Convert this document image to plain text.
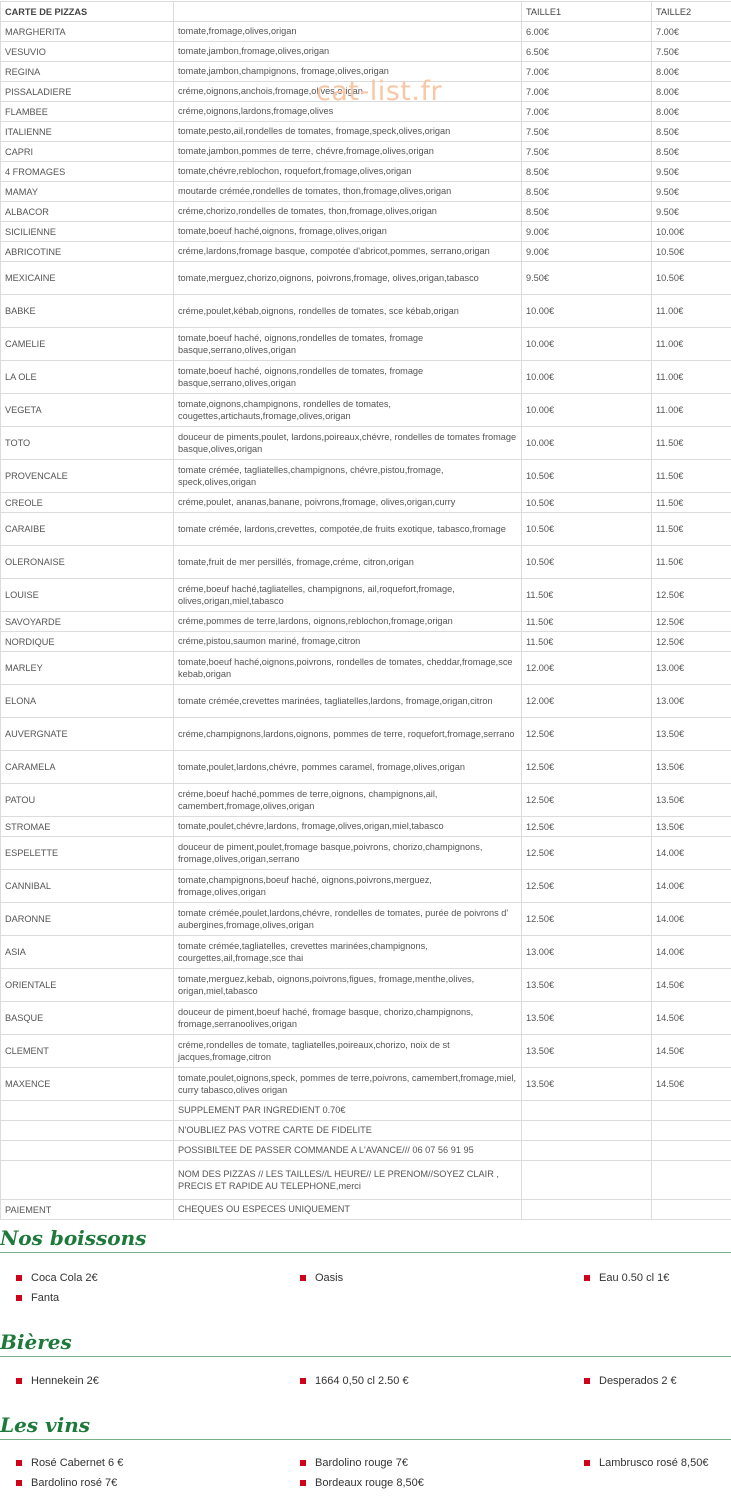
CARTE DE PIZZAS		TAILLE1	TAILLE2
MARGHERITA	tomate,fromage,olives,origan	6.00€	7.00€
VESUVIO	tomate,jambon,fromage,olives,origan	6.50€	7.50€
REGINA	tomate,jambon,champignons, fromage,olives,origan	7.00€	8.00€
PISSALADIERE	créme,oignons,anchois,fromage,olives,origan	7.00€	8.00€
FLAMBEE	créme,oignons,lardons,fromage,olives	7.00€	8.00€
ITALIENNE	tomate,pesto,ail,rondelles de tomates, fromage,speck,olives,origan	7.50€	8.50€
CAPRI	tomate,jambon,pommes de terre, chévre,fromage,olives,origan	7.50€	8.50€
4 FROMAGES	tomate,chévre,reblochon, roquefort,fromage,olives,origan	8.50€	9.50€
MAMAY	moutarde crémée,rondelles de tomates, thon,fromage,olives,origan	8.50€	9.50€
ALBACOR	créme,chorizo,rondelles de tomates, thon,fromage,olives,origan	8.50€	9.50€
SICILIENNE	tomate,boeuf haché,oignons, fromage,olives,origan	9.00€	10.00€
ABRICOTINE	créme,lardons,fromage basque, compotée d'abricot,pommes, serrano,origan	9.00€	10.50€
MEXICAINE	tomate,merguez,chorizo,oignons, poivrons,fromage, olives,origan,tabasco	9.50€	10.50€
BABKE	créme,poulet,kébab,oignons, rondelles de tomates, sce kébab,origan	10.00€	11.00€
CAMELIE	tomate,boeuf haché, oignons,rondelles de tomates, fromage basque,serrano,olives,origan	10.00€	11.00€
LA OLE	tomate,boeuf haché, oignons,rondelles de tomates, fromage basque,serrano,olives,origan	10.00€	11.00€
VEGETA	tomate,oignons,champignons, rondelles de tomates, cougettes,artichauts,fromage,olives,origan	10.00€	11.00€
TOTO	douceur de piments,poulet, lardons,poireaux,chévre, rondelles de tomates fromage basque,olives,origan	10.00€	11.50€
PROVENCALE	tomate crémée, tagliatelles,champignons, chévre,pistou,fromage, speck,olives,origan	10.50€	11.50€
CREOLE	créme,poulet, ananas,banane, poivrons,fromage, olives,origan,curry	10.50€	11.50€
CARAIBE	tomate crémée, lardons,crevettes, compotée,de fruits exotique, tabasco,fromage	10.50€	11.50€
OLERONAISE	tomate,fruit de mer persillés, fromage,créme, citron,origan	10.50€	11.50€
LOUISE	créme,boeuf haché,tagliatelles, champignons, ail,roquefort,fromage, olives,origan,miel,tabasco	11.50€	12.50€
SAVOYARDE	créme,pommes de terre,lardons, oignons,reblochon,fromage,origan	11.50€	12.50€
NORDIQUE	créme,pistou,saumon mariné, fromage,citron	11.50€	12.50€
MARLEY	tomate,boeuf haché,oignons,poivrons, rondelles de tomates, cheddar,fromage,sce kebab,origan	12.00€	13.00€
ELONA	tomate crémée,crevettes marinées, tagliatelles,lardons, fromage,origan,citron	12.00€	13.00€
AUVERGNATE	créme,champignons,lardons,oignons, pommes de terre, roquefort,fromage,serrano	12.50€	13.50€
CARAMELA	tomate,poulet,lardons,chévre, pommes caramel, fromage,olives,origan	12.50€	13.50€
PATOU	créme,boeuf haché,pommes de terre,oignons, champignons,ail, camembert,fromage,olives,origan	12.50€	13.50€
STROMAE	tomate,poulet,chévre,lardons, fromage,olives,origan,miel,tabasco	12.50€	13.50€
ESPELETTE	douceur de piment,poulet,fromage basque,poivrons, chorizo,champignons, fromage,olives,origan,serrano	12.50€	14.00€
CANNIBAL	tomate,champignons,boeuf haché, oignons,poivrons,merguez, fromage,olives,origan	12.50€	14.00€
DARONNE	tomate crémée,poulet,lardons,chévre, rondelles de tomates, purée de poivrons d' aubergines,fromage,olives,origan	12.50€	14.00€
ASIA	tomate crémée,tagliatelles, crevettes marinées,champignons, courgettes,ail,fromage,sce thai	13.00€	14.00€
ORIENTALE	tomate,merguez,kebab, oignons,poivrons,figues, fromage,menthe,olives, origan,miel,tabasco	13.50€	14.50€
BASQUE	douceur de piment,boeuf haché, fromage basque, chorizo,champignons, fromage,serranoolives,origan	13.50€	14.50€
CLEMENT	créme,rondelles de tomate, tagliatelles,poireaux,chorizo, noix de st jacques,fromage,citron	13.50€	14.50€
MAXENCE	tomate,poulet,oignons,speck, pommes de terre,poivrons, camembert,fromage,miel, curry tabasco,olives origan	13.50€	14.50€
	SUPPLEMENT PAR INGREDIENT 0.70€		
	N'OUBLIEZ PAS VOTRE CARTE DE FIDELITE		
	POSSIBILTEE DE PASSER COMMANDE A L'AVANCE/// 06 07 56 91 95		
	NOM DES PIZZAS // LES TAILLES//L HEURE// LE PRENOM//SOYEZ CLAIR , PRECIS ET RAPIDE AU TELEPHONE,merci		
PAIEMENT	CHEQUES OU ESPECES UNIQUEMENT		
cat-list.fr
Nos boissons
Coca Cola 2€	Oasis	Eau 0.50 cl 1€
Fanta
Bières
Hennekein 2€	1664 0,50 cl 2.50 €	Desperados 2 €
Les vins
Rosé Cabernet 6 €	Bardolino rouge 7€	Lambrusco rosé 8,50€
Bardolino rosé 7€	Bordeaux rouge 8,50€
